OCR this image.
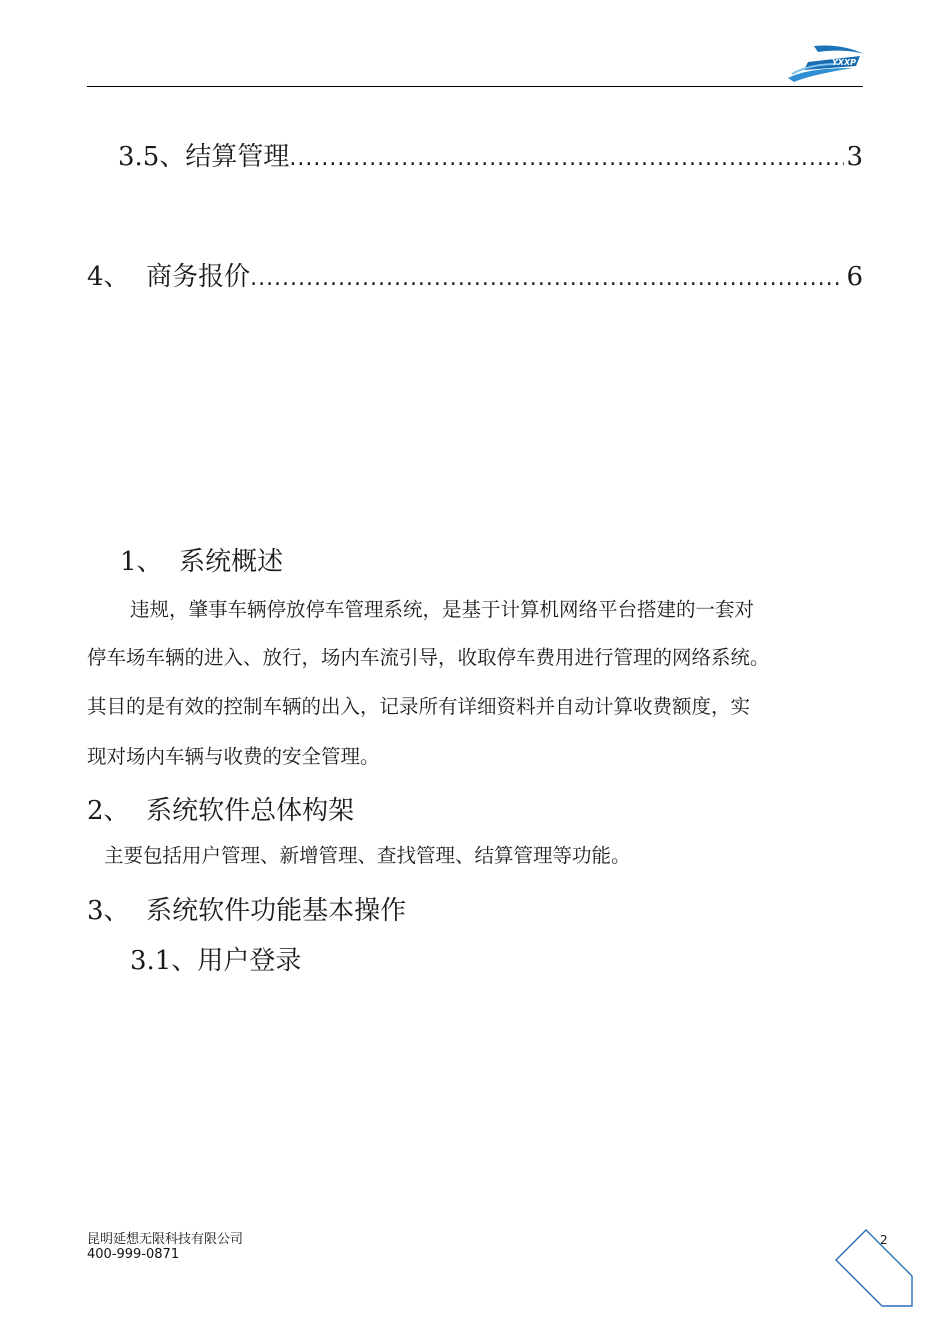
YXXP
3.5、结算管理 .....	3
4、  商务报价 .....	6
1、  系统概述
违规，肇事车辆停放停车管理系统，是基于计算机网络平台搭建的一套对
停车场车辆的进入、放行，场内车流引导，收取停车费用进行管理的网络系统。
其目的是有效的控制车辆的出入，记录所有详细资料并自动计算收费额度，实
现对场内车辆与收费的安全管理。
2、  系统软件总体构架
主要包括用户管理、新增管理、查找管理、结算管理等功能。
3、  系统软件功能基本操作
3.1、用户登录
昆明延想无限科技有限公司
400-999-0871
2
